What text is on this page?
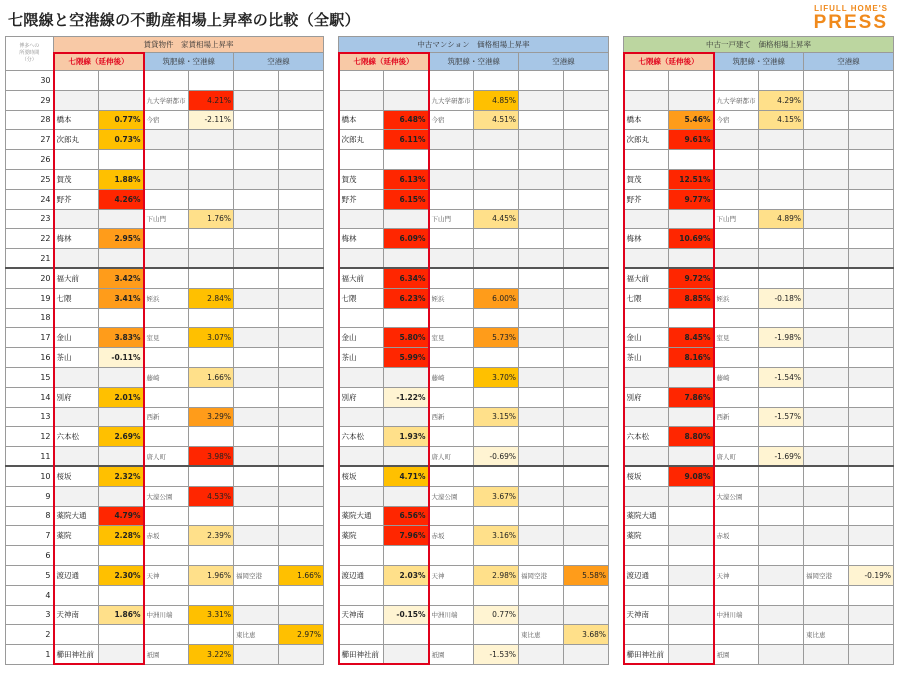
七隈線と空港線の不動産相場上昇率の比較（全駅）
LIFULL HOME'S
PRESS
博多への
所要時間
（分）	賃貸物件　家賃相場上昇率							中古マンション　価格相場上昇率							中古一戸建て　価格相場上昇率					
	七隈線（延伸後）		筑肥線・空港線		空港線			七隈線（延伸後）		筑肥線・空港線		空港線			七隈線（延伸後）		筑肥線・空港線		空港線	
30																				
29			九大学研都市	4.21%						九大学研都市	4.85%						九大学研都市	4.29%		
28	橋本	0.77%	今宿	-2.11%				橋本	6.48%	今宿	4.51%				橋本	5.46%	今宿	4.15%		
27	次郎丸	0.73%						次郎丸	6.11%						次郎丸	9.61%				
26																				
25	賀茂	1.88%						賀茂	6.13%						賀茂	12.51%				
24	野芥	4.26%						野芥	6.15%						野芥	9.77%				
23			下山門	1.76%						下山門	4.45%						下山門	4.89%		
22	梅林	2.95%						梅林	6.09%						梅林	10.69%				
21																				
20	福大前	3.42%						福大前	6.34%						福大前	9.72%				
19	七隈	3.41%	姪浜	2.84%				七隈	6.23%	姪浜	6.00%				七隈	8.85%	姪浜	-0.18%		
18																				
17	金山	3.83%	室見	3.07%				金山	5.80%	室見	5.73%				金山	8.45%	室見	-1.98%		
16	茶山	-0.11%						茶山	5.99%						茶山	8.16%				
15			藤崎	1.66%						藤崎	3.70%						藤崎	-1.54%		
14	別府	2.01%						別府	-1.22%						別府	7.86%				
13			西新	3.29%						西新	3.15%						西新	-1.57%		
12	六本松	2.69%						六本松	1.93%						六本松	8.80%				
11			唐人町	3.98%						唐人町	-0.69%						唐人町	-1.69%		
10	桜坂	2.32%						桜坂	4.71%						桜坂	9.08%				
9			大濠公園	4.53%						大濠公園	3.67%						大濠公園			
8	薬院大通	4.79%						薬院大通	6.56%						薬院大通					
7	薬院	2.28%	赤坂	2.39%				薬院	7.96%	赤坂	3.16%				薬院		赤坂			
6																				
5	渡辺通	2.30%	天神	1.96%	福岡空港	1.66%		渡辺通	2.03%	天神	2.98%	福岡空港	5.58%		渡辺通		天神		福岡空港	-0.19%
4																				
3	天神南	1.86%	中洲川端	3.31%				天神南	-0.15%	中洲川端	0.77%				天神南		中洲川端			
2					東比恵	2.97%						東比恵	3.68%						東比恵	
1	櫛田神社前		祇園	3.22%				櫛田神社前		祇園	-1.53%				櫛田神社前		祇園			
